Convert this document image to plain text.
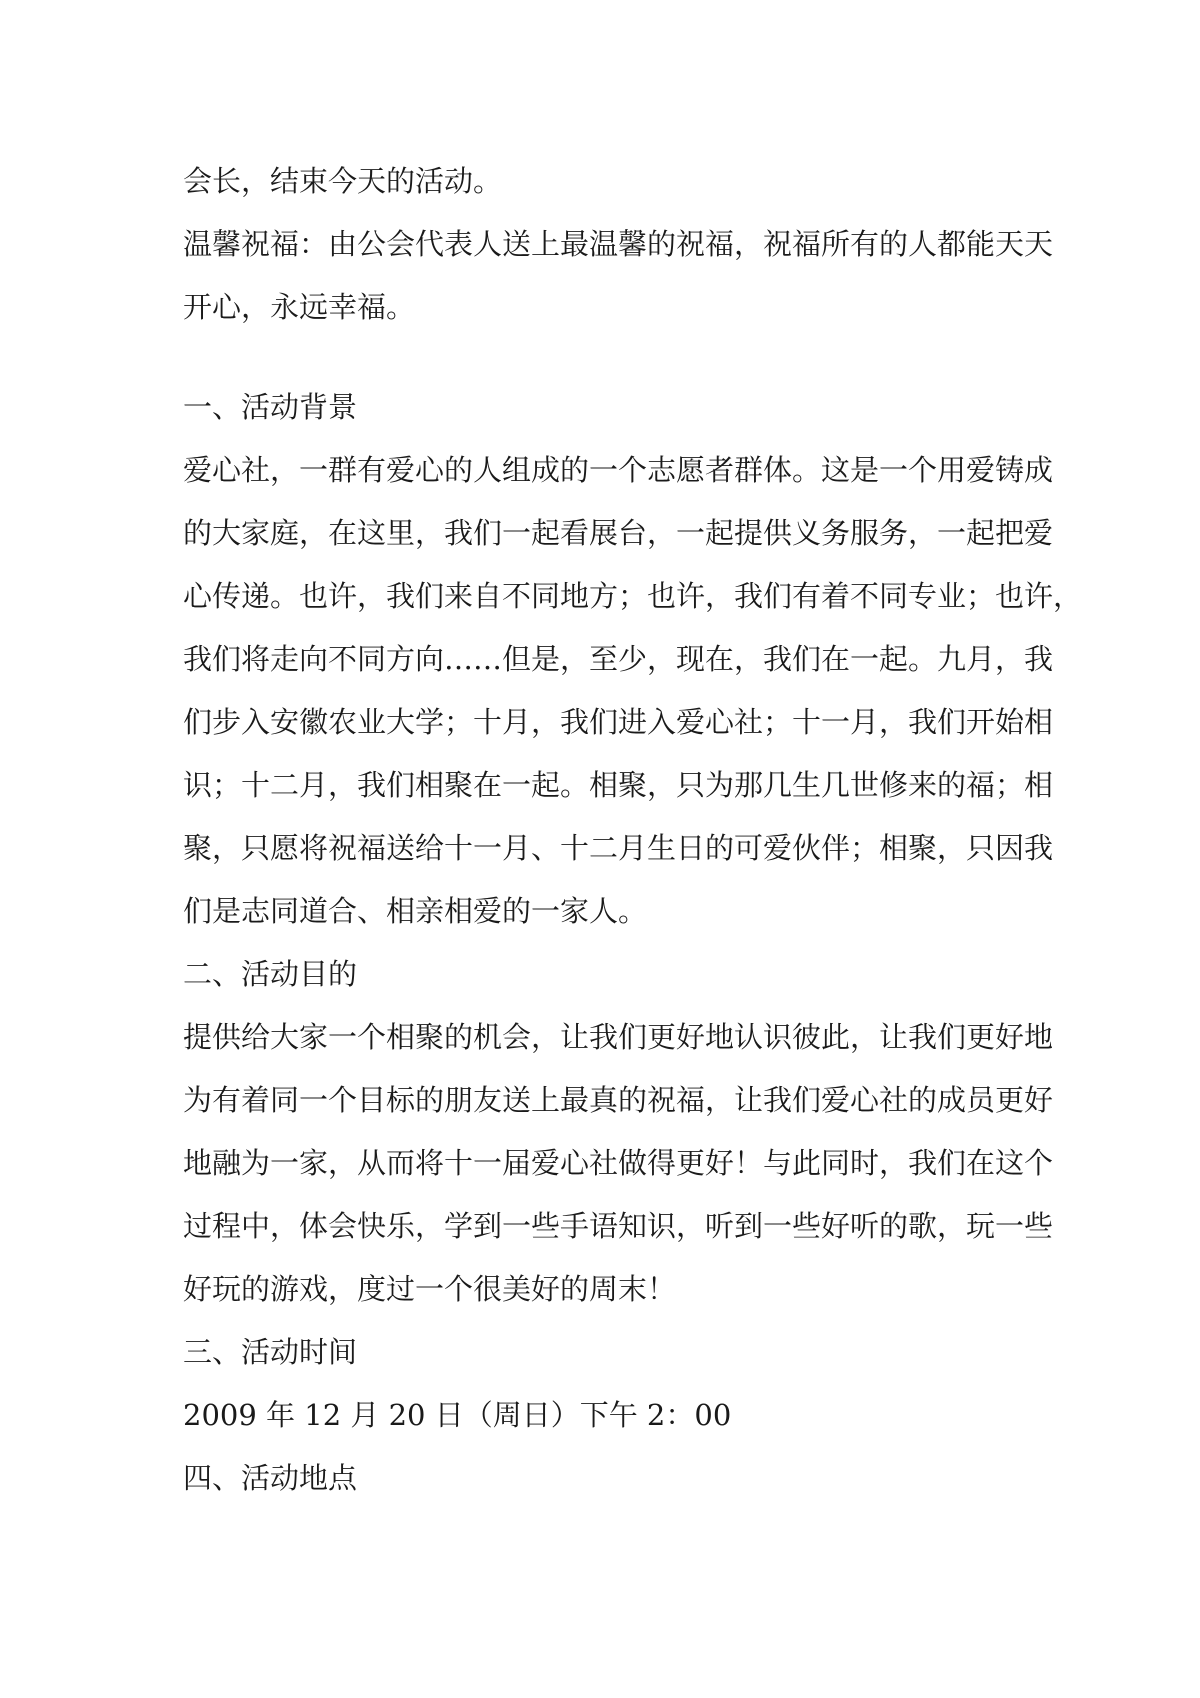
会长，结束今天的活动。
温馨祝福：由公会代表人送上最温馨的祝福，祝福所有的人都能天天
开心，永远幸福。
一、活动背景
爱心社，一群有爱心的人组成的一个志愿者群体。这是一个用爱铸成
的大家庭，在这里，我们一起看展台，一起提供义务服务，一起把爱
心传递。也许，我们来自不同地方；也许，我们有着不同专业；也许，
我们将走向不同方向……但是，至少，现在，我们在一起。九月，我
们步入安徽农业大学；十月，我们进入爱心社；十一月，我们开始相
识；十二月，我们相聚在一起。相聚，只为那几生几世修来的福；相
聚，只愿将祝福送给十一月、十二月生日的可爱伙伴；相聚，只因我
们是志同道合、相亲相爱的一家人。
二、活动目的
提供给大家一个相聚的机会，让我们更好地认识彼此，让我们更好地
为有着同一个目标的朋友送上最真的祝福，让我们爱心社的成员更好
地融为一家，从而将十一届爱心社做得更好！与此同时，我们在这个
过程中，体会快乐，学到一些手语知识，听到一些好听的歌，玩一些
好玩的游戏，度过一个很美好的周末！
三、活动时间
2009 年 12 月 20 日（周日）下午 2：00
四、活动地点
